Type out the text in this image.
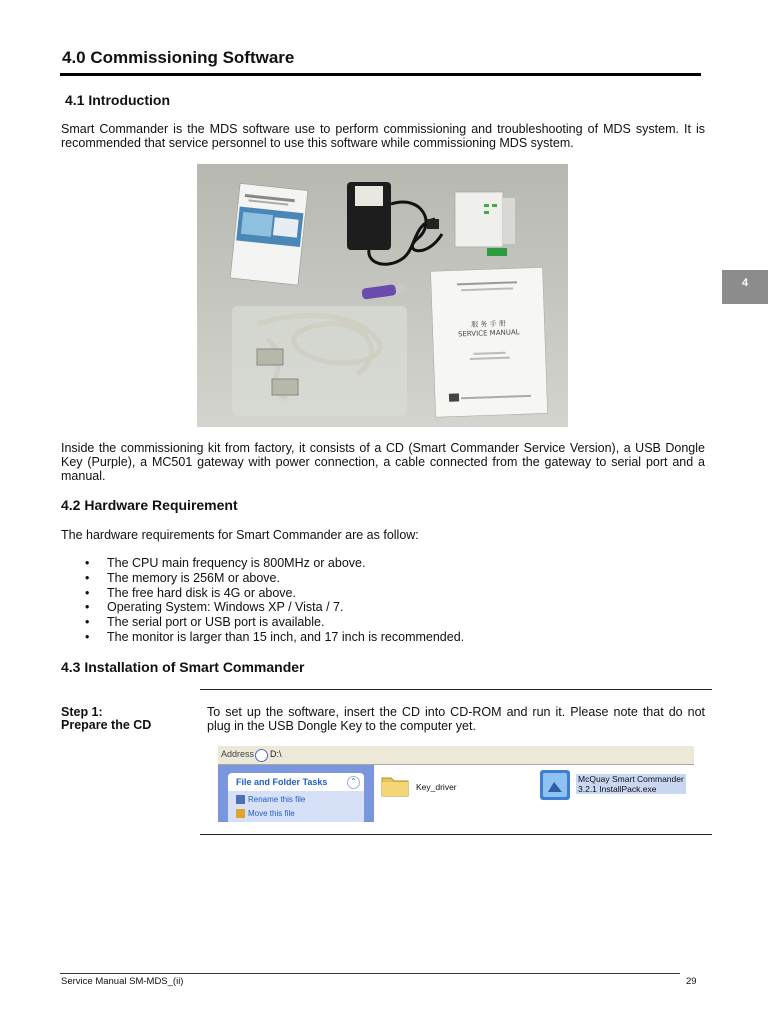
4.0 Commissioning Software
4
4.1 Introduction

Smart Commander is the MDS software use to perform commissioning and troubleshooting of MDS system. It is recommended that service personnel to use this software while commissioning MDS system.

服 务 手 册
SERVICE MANUAL

Inside the commissioning kit from factory, it consists of a CD (Smart Commander Service Version), a USB Dongle Key (Purple), a MC501 gateway with power connection, a cable connected from the gateway to serial port and a manual.

4.2 Hardware Requirement

The hardware requirements for Smart Commander are as follow:

• The CPU main frequency is 800MHz or above.
• The memory is 256M or above.
• The free hard disk is 4G or above.
• Operating System: Windows XP / Vista / 7.
• The serial port or USB port is available.
• The monitor is larger than 15 inch, and 17 inch is recommended.
4.3 Installation of Smart Commander
Step 1:
Prepare the CD

To set up the software, insert the CD into CD-ROM and run it. Please note that do not plug in the USB Dongle Key to the computer yet.

Address D:\
File and Folder Tasks	⌃
Rename this file
Move this file
Key_driver
McQuay Smart Commander
3.2.1 InstallPack.exe
Service Manual SM-MDS_(ii)	29
